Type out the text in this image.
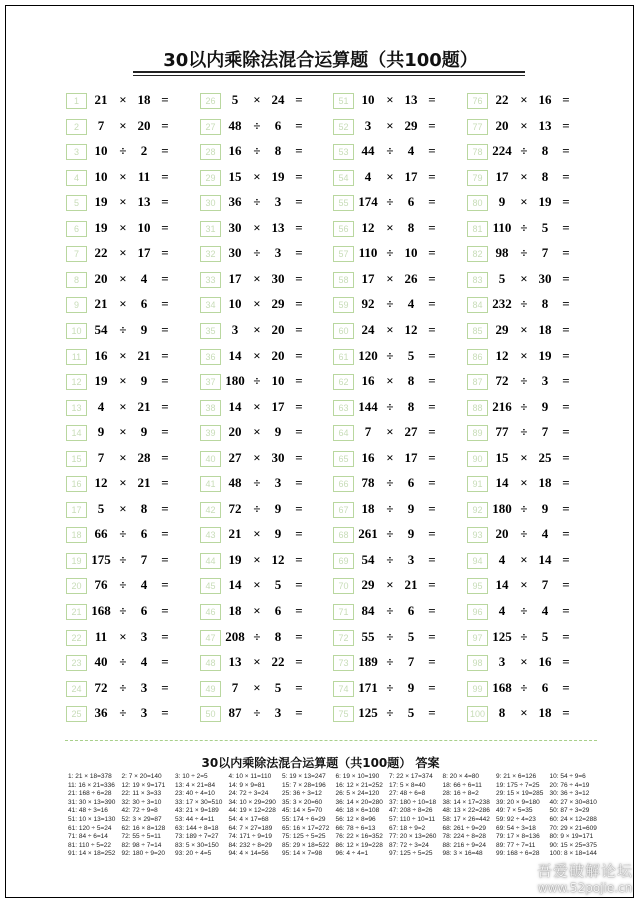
30以内乘除法混合运算题（共100题）
1	21 × 18 =
2	7	× 20 =
3	10 ÷	2	=
4	10 × 11 =
5	19 × 13 =
6	19 × 10 =
7	22 × 17 =
8	20 ×	4	=
9	21 ×	6	=
10	54 ÷	9	=
11	16 × 21 =
12	19 ×	9	=
13	4	× 21 =
14	9	×	9	=
15	7	× 28 =
16	12 × 21 =
17	5	×	8	=
18	66 ÷	6	=
19 175 ÷	7	=
20	76 ÷	4	=
21 168 ÷	6	=
22	11 ×	3	=
23	40 ÷	4	=
24	72 ÷	3	=
25	36 ÷	3	=
26	5	× 24 =
27	48 ÷	6	=
28	16 ÷	8	=
29	15 × 19 =
30	36 ÷	3	=
31	30 × 13 =
32	30 ÷	3	=
33	17 × 30 =
34	10 × 29 =
35	3	× 20 =
36	14 × 20 =
37 180 ÷ 10 =
38	14 × 17 =
39	20 ×	9	=
40	27 × 30 =
41	48 ÷	3	=
42	72 ÷	9	=
43	21 ×	9	=
44	19 × 12 =
45	14 ×	5	=
46	18 ×	6	=
47 208 ÷	8	=
48	13 × 22 =
49	7	×	5	=
50	87 ÷	3	=
51	10 × 13 =
52	3	× 29 =
53	44 ÷	4	=
54	4	× 17 =
55 174 ÷	6	=
56	12 ×	8	=
57 110 ÷ 10 =
58	17 × 26 =
59	92 ÷	4	=
60	24 × 12 =
61 120 ÷	5	=
62	16 ×	8	=
63 144 ÷	8	=
64	7	× 27 =
65	16 × 17 =
66	78 ÷	6	=
67	18 ÷	9	=
68 261 ÷	9	=
69	54 ÷	3	=
70	29 × 21 =
71	84 ÷	6	=
72	55 ÷	5	=
73 189 ÷	7	=
74 171 ÷	9	=
75 125 ÷	5	=
76	22 × 16 =
77	20 × 13 =
78 224 ÷	8	=
79	17 ×	8	=
80	9	× 19 =
81 110 ÷	5	=
82	98 ÷	7	=
83	5	× 30 =
84 232 ÷	8	=
85	29 × 18 =
86	12 × 19 =
87	72 ÷	3	=
88 216 ÷	9	=
89	77 ÷	7	=
90	15 × 25 =
91	14 × 18 =
92 180 ÷	9	=
93	20 ÷	4	=
94	4	× 14 =
95	14 ×	7	=
96	4	÷	4	=
97 125 ÷	5	=
98	3	× 16 =
99 168 ÷	6	=
100	8	× 18 =
30以内乘除法混合运算题（共100题） 答案
1: 21 × 18=378 2: 7 × 20=140 3: 10 ÷ 2=5	4: 10 × 11=110 5: 19 × 13=247 6: 19 × 10=190 7: 22 × 17=374 8: 20 × 4=80	9: 21 × 6=126 10: 54 ÷ 9=6
11: 16 × 21=336 12: 19 × 9=171 13: 4 × 21=84 14: 9 × 9=81	15: 7 × 28=196 16: 12 × 21=252 17: 5 × 8=40	18: 66 ÷ 6=11 19: 175 ÷ 7=25 20: 76 ÷ 4=19
21: 168 ÷ 6=28 22: 11 × 3=33 23: 40 ÷ 4=10 24: 72 ÷ 3=24 25: 36 ÷ 3=12 26: 5 × 24=120 27: 48 ÷ 6=8	28: 16 ÷ 8=2	29: 15 × 19=285 30: 36 ÷ 3=12
31: 30 × 13=390 32: 30 ÷ 3=10 33: 17 × 30=510 34: 10 × 29=290 35: 3 × 20=60 36: 14 × 20=280 37: 180 ÷ 10=18 38: 14 × 17=238 39: 20 × 9=180 40: 27 × 30=810
41: 48 ÷ 3=16 42: 72 ÷ 9=8	43: 21 × 9=189 44: 19 × 12=228 45: 14 × 5=70 46: 18 × 6=108 47: 208 ÷ 8=26 48: 13 × 22=286 49: 7 × 5=35	50: 87 ÷ 3=29
51: 10 × 13=130 52: 3 × 29=87 53: 44 ÷ 4=11 54: 4 × 17=68 55: 174 ÷ 6=29 56: 12 × 8=96 57: 110 ÷ 10=11 58: 17 × 26=442 59: 92 ÷ 4=23 60: 24 × 12=288
61: 120 ÷ 5=24 62: 16 × 8=128 63: 144 ÷ 8=18 64: 7 × 27=189 65: 16 × 17=272 66: 78 ÷ 6=13 67: 18 ÷ 9=2	68: 261 ÷ 9=29 69: 54 ÷ 3=18 70: 29 × 21=609
71: 84 ÷ 6=14 72: 55 ÷ 5=11 73: 189 ÷ 7=27 74: 171 ÷ 9=19 75: 125 ÷ 5=25 76: 22 × 16=352 77: 20 × 13=260 78: 224 ÷ 8=28 79: 17 × 8=136 80: 9 × 19=171
81: 110 ÷ 5=22 82: 98 ÷ 7=14 83: 5 × 30=150 84: 232 ÷ 8=29 85: 29 × 18=522 86: 12 × 19=228 87: 72 ÷ 3=24 88: 216 ÷ 9=24 89: 77 ÷ 7=11 90: 15 × 25=375
91: 14 × 18=252 92: 180 ÷ 9=20 93: 20 ÷ 4=5	94: 4 × 14=56 95: 14 × 7=98 96: 4 ÷ 4=1	97: 125 ÷ 5=25 98: 3 × 16=48 99: 168 ÷ 6=28 100: 8 × 18=144
吾爱破解论坛
www.52pojie.cn
